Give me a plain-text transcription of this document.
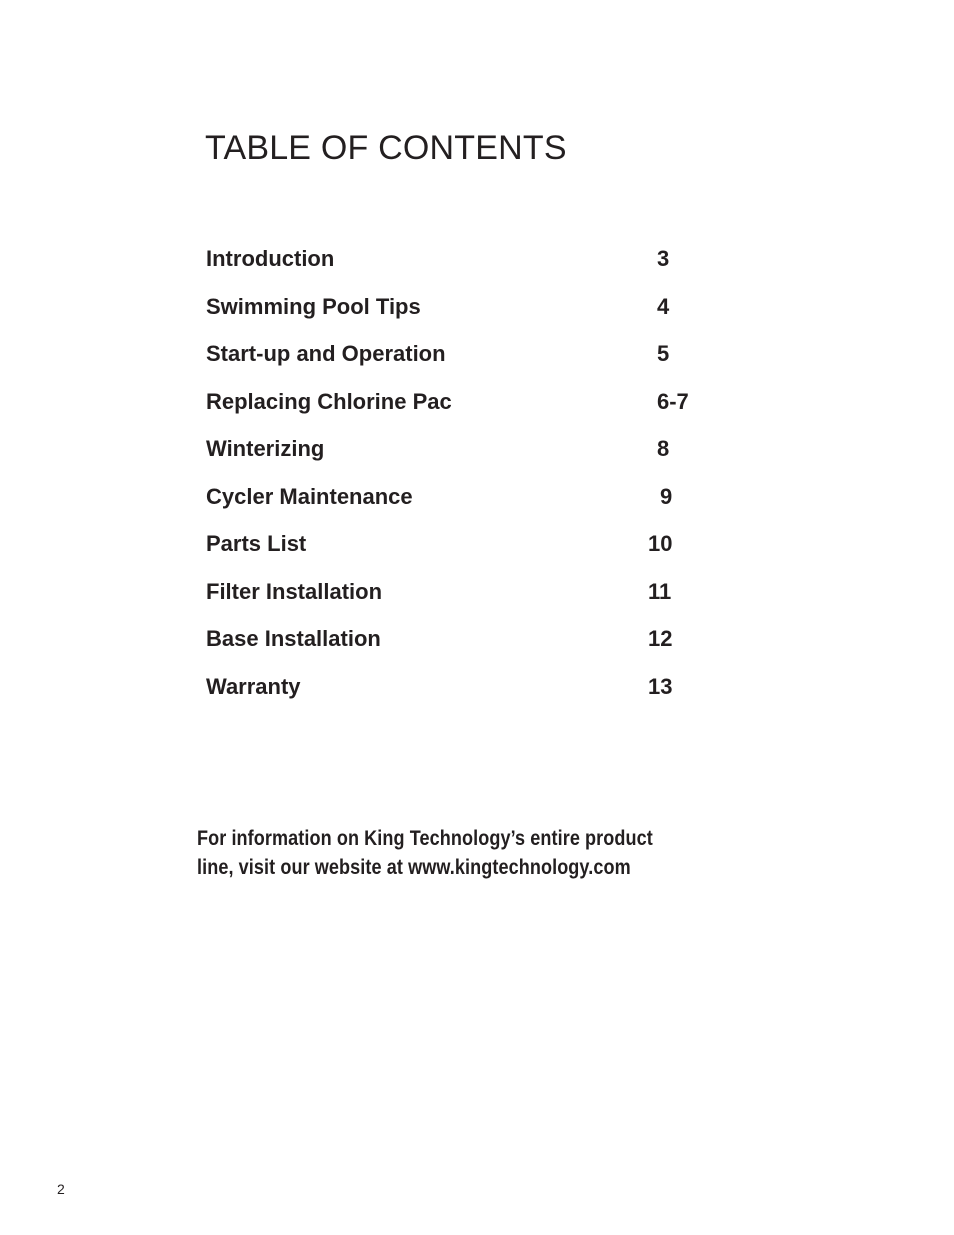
TABLE OF CONTENTS
Introduction	3
Swimming Pool Tips	4
Start-up and Operation	5
Replacing Chlorine Pac	6-7
Winterizing	8
Cycler Maintenance	9
Parts List	10
Filter Installation	11
Base Installation	12
Warranty	13

For information on King Technology’s entire product
line, visit our website at www.kingtechnology.com

2
